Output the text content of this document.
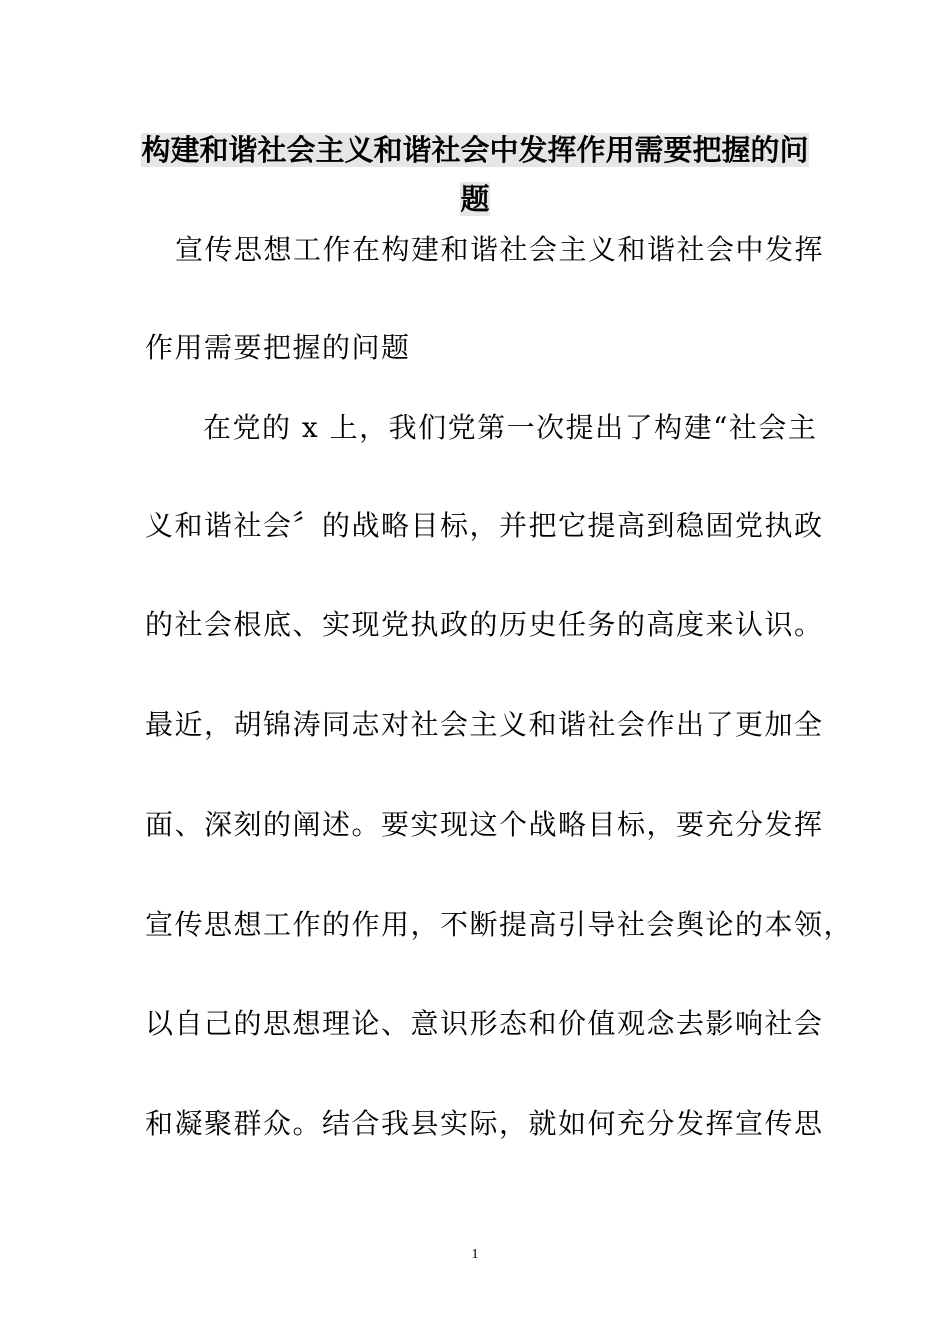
构建和谐社会主义和谐社会中发挥作用需要把握的问
题
宣传思想工作在构建和谐社会主义和谐社会中发挥
作用需要把握的问题
在党的 x 上，我们党第一次提出了构建“社会主
义和谐社会〞的战略目标，并把它提高到稳固党执政
的社会根底、实现党执政的历史任务的高度来认识。
最近，胡锦涛同志对社会主义和谐社会作出了更加全
面、深刻的阐述。要实现这个战略目标，要充分发挥
宣传思想工作的作用，不断提高引导社会舆论的本领，
以自己的思想理论、意识形态和价值观念去影响社会
和凝聚群众。结合我县实际，就如何充分发挥宣传思
1
